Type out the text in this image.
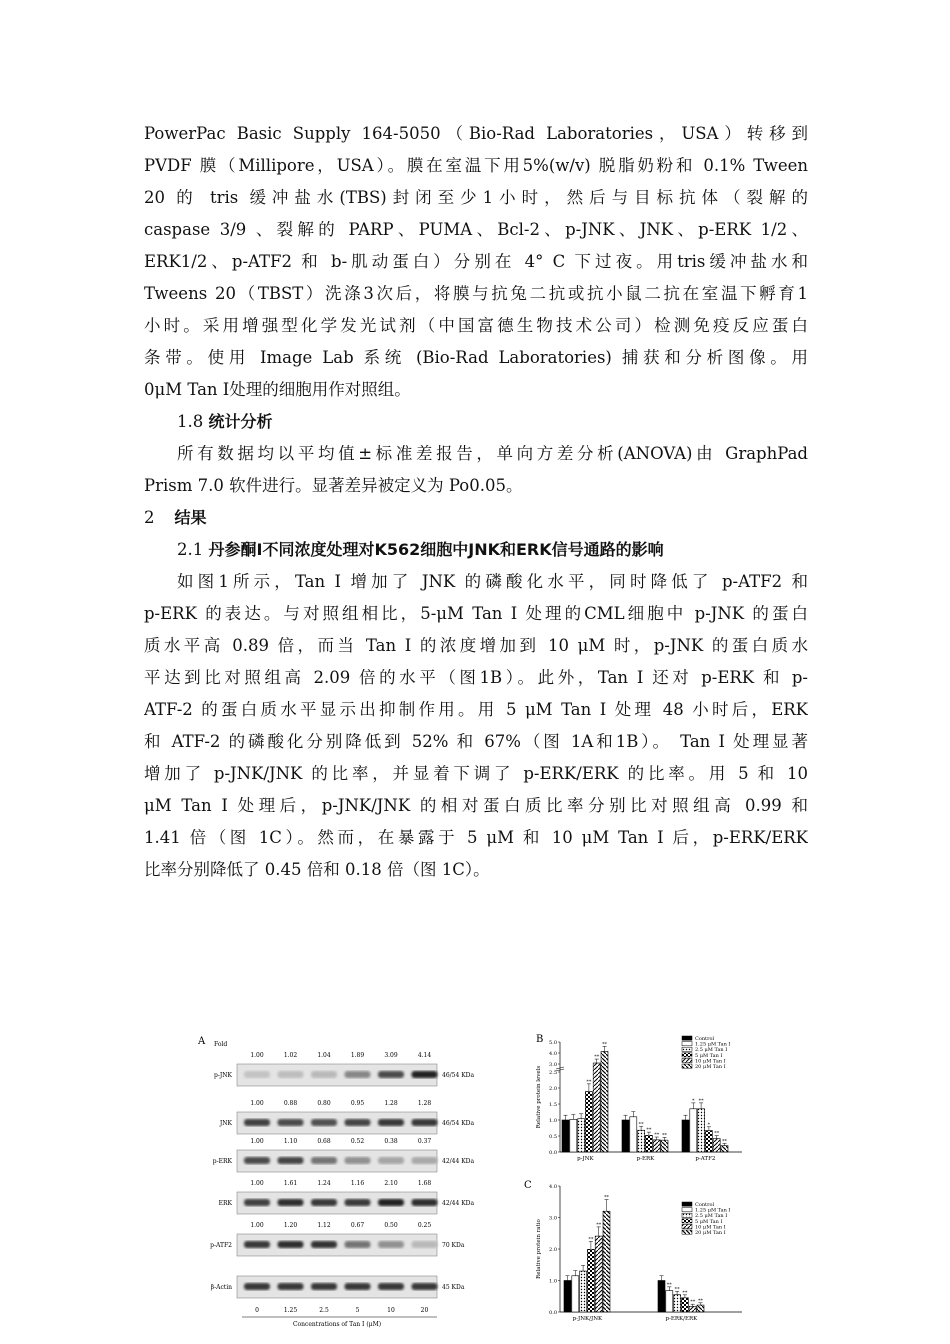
PowerPac Basic Supply 164-5050（Bio-Rad Laboratories，USA）转移到
PVDF 膜（Millipore，USA）。膜在室温下用5%(w/v) 脱脂奶粉和 0.1% Tween
20 的 tris 缓冲盐水(TBS)封闭至少1小时，然后与目标抗体（裂解的
caspase 3/9 、裂解的 PARP、PUMA、Bcl-2、p-JNK、JNK、p-ERK 1/2、
ERK1/2、p-ATF2 和 b-肌动蛋白）分别在 4° C 下过夜。用tris缓冲盐水和
Tweens 20（TBST）洗涤3次后，将膜与抗兔二抗或抗小鼠二抗在室温下孵育1
小时。采用增强型化学发光试剂（中国富德生物技术公司）检测免疫反应蛋白
条带。使用 Image Lab 系统 (Bio-Rad Laboratories) 捕获和分析图像。用
0μM Tan I处理的细胞用作对照组。
1.8 统计分析
所有数据均以平均值±标准差报告，单向方差分析(ANOVA)由 GraphPad
Prism 7.0 软件进行。显著差异被定义为 Po0.05。
2 结果
2.1 丹参酮I不同浓度处理对K562细胞中JNK和ERK信号通路的影响
如图1所示，Tan I 增加了 JNK 的磷酸化水平，同时降低了 p-ATF2 和
p-ERK 的表达。与对照组相比，5-μM Tan I 处理的CML细胞中 p-JNK 的蛋白
质水平高 0.89 倍，而当 Tan I 的浓度增加到 10 μM 时，p-JNK 的蛋白质水
平达到比对照组高 2.09 倍的水平（图1B）。此外，Tan I 还对 p-ERK 和 p-
ATF-2 的蛋白质水平显示出抑制作用。用 5 μM Tan I 处理 48 小时后，ERK
和 ATF-2 的磷酸化分别降低到 52% 和 67%（图 1A和1B）。 Tan I 处理显著
增加了 p-JNK/JNK 的比率，并显着下调了 p-ERK/ERK 的比率。用 5 和 10
μM Tan I 处理后，p-JNK/JNK 的相对蛋白质比率分别比对照组高 0.99 和
1.41 倍（图 1C）。然而，在暴露于 5 μM 和 10 μM Tan I 后，p-ERK/ERK
比率分别降低了 0.45 倍和 0.18 倍（图 1C）。
A Fold
1.00	1.02	1.04	1.89	3.09	4.14
p-JNK	46/54 KDa
1.00	0.88	0.80	0.95	1.28	1.28
JNK	46/54 KDa
1.00	1.10	0.68	0.52	0.38	0.37
p-ERK	42/44 KDa
1.00	1.61	1.24	1.16	2.10	1.68
ERK	42/44 KDa
1.00	1.20	1.12	0.67	0.50	0.25
p-ATF2	70 KDa
β-Actin	45 KDa
0	1.25	2.5	5	10	20
Concentrations of Tan I (μM)
B
0.0
0.5
1.0
1.5
2.0
2.5
3.0
4.0
5.0
Relative protein levels	**
**
**
p-JNK
**
**
** **
p-ERK
* **
*
**
**
p-ATF2
Control
1.25 μM Tan I
2.5 μM Tan I
5 μM Tan I
10 μM Tan I
20 μM Tan I
C
0.0
1.0
2.0
3.0
4.0
Relative protein ratio	**
**
**
p-JNK/JNK
**
**
**
** **
p-ERK/ERK
Control
1.25 μM Tan I
2.5 μM Tan I
5 μM Tan I
10 μM Tan I
20 μM Tan I
